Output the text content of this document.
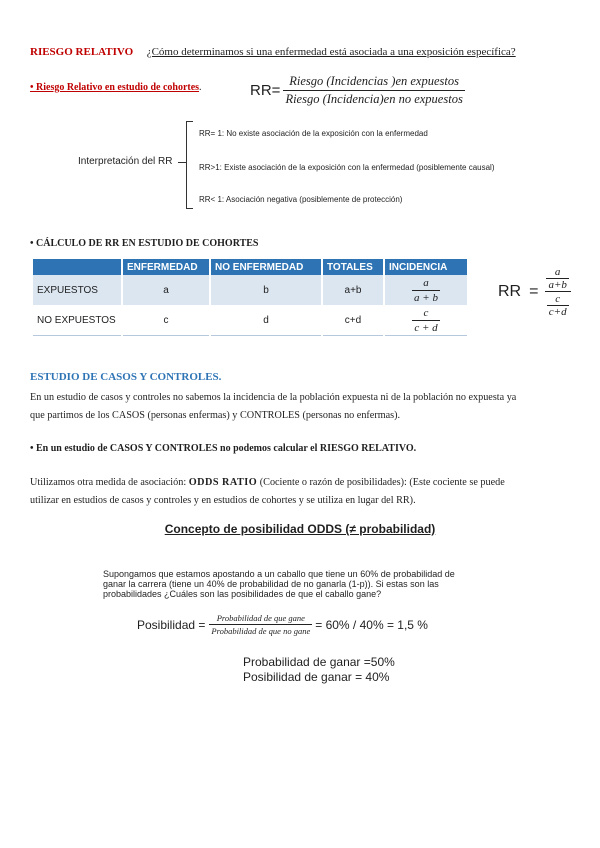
RIESGO RELATIVO ¿Cómo determinamos si una enfermedad está asociada a una exposición específica?
• Riesgo Relativo en estudio de cohortes.	$RR= \frac{\text{Riesgo (Incidencias )en expuestos}}{\text{Riesgo (Incidencia)en no expuestos}}$
Interpretación del RR
RR= 1: No existe asociación de la exposición con la enfermedad
RR>1: Existe asociación de la exposición con la enfermedad (posiblemente causal)
RR< 1: Asociación negativa (posiblemente de protección)
• CÁLCULO DE RR EN ESTUDIO DE COHORTES
	ENFERMEDAD	NO ENFERMEDAD	TOTALES	INCIDENCIA
EXPUESTOS	a	b	a+b	$\frac{a}{a + b}$

NO EXPUESTOS	c	d	c+d	$\frac{c}{c + d}$
RR = $\frac{\frac{a}{a+b}}{\frac{c}{c+d}}$
ESTUDIO DE CASOS Y CONTROLES.
En un estudio de casos y controles no sabemos la incidencia de la población expuesta ni de la población no expuesta ya
que partimos de los CASOS (personas enfermas) y CONTROLES (personas no enfermas).
• En un estudio de CASOS Y CONTROLES no podemos calcular el RIESGO RELATIVO.
Utilizamos otra medida de asociación: ODDS RATIO (Cociente o razón de posibilidades): (Este cociente se puede
utilizar en estudios de casos y controles y en estudios de cohortes y se utiliza en lugar del RR).
Concepto de posibilidad ODDS (≠ probabilidad)
Supongamos que estamos apostando a un caballo que tiene un 60% de probabilidad de
ganar la carrera (tiene un 40% de probabilidad de no ganarla (1-p)). Si estas son las
probabilidades ¿Cuáles son las posibilidades de que el caballo gane?
Posibilidad = $\frac{\text{Probabilidad de que gane}}{\text{Probabilidad de que no gane}} = 60\% / 40\% = 1,5$ %
Probabilidad de ganar =50%
Posibilidad de ganar = 40%
